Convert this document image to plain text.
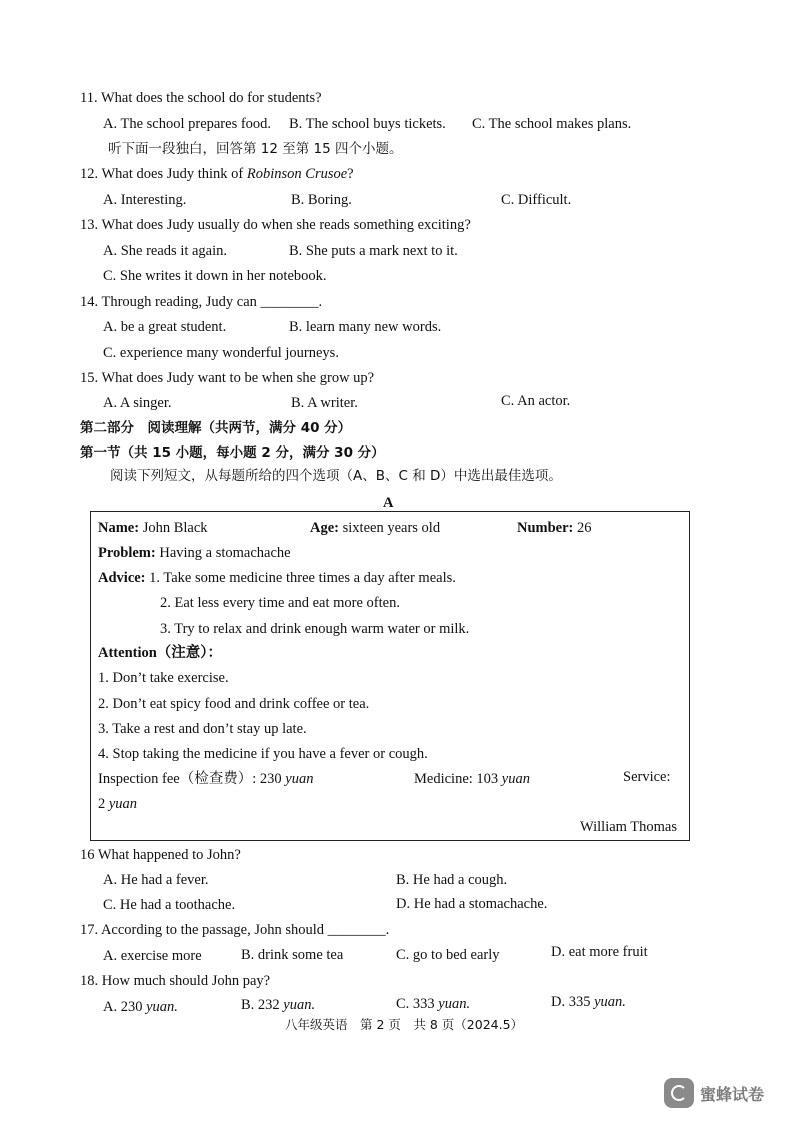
11. What does the school do for students?
A. The school prepares food. B. The school buys tickets. C. The school makes plans.
听下面一段独白，回答第 12 至第 15 四个小题。
12. What does Judy think of Robinson Crusoe?
A. Interesting.	B. Boring.	C. Difficult.
13. What does Judy usually do when she reads something exciting?
A. She reads it again.	B. She puts a mark next to it.
C. She writes it down in her notebook.
14. Through reading, Judy can ________.
A. be a great student.	B. learn many new words.
C. experience many wonderful journeys.
15. What does Judy want to be when she grow up?
A. A singer.	B. A writer.	C. An actor.
第二部分　阅读理解（共两节，满分 40 分）
第一节（共 15 小题，每小题 2 分，满分 30 分）
阅读下列短文，从每题所给的四个选项（A、B、C 和 D）中选出最佳选项。
A
Name: John Black	Age: sixteen years old	Number: 26
Problem: Having a stomachache
Advice: 1. Take some medicine three times a day after meals.
2. Eat less every time and eat more often.
3. Try to relax and drink enough warm water or milk.
Attention（注意）：
1. Don’t take exercise.
2. Don’t eat spicy food and drink coffee or tea.
3. Take a rest and don’t stay up late.
4. Stop taking the medicine if you have a fever or cough.
Inspection fee（检查费）: 230 yuan	Medicine: 103 yuan	Service:
2 yuan
William Thomas
16 What happened to John?
A. He had a fever.	B. He had a cough.
C. He had a toothache.	D. He had a stomachache.
17. According to the passage, John should ________.
A. exercise more	B. drink some tea	C. go to bed early	D. eat more fruit
18. How much should John pay?
A. 230 yuan.	B. 232 yuan.	C. 333 yuan.	D. 335 yuan.
八年级英语　第 2 页　共 8 页（2024.5）
蜜蜂试卷
